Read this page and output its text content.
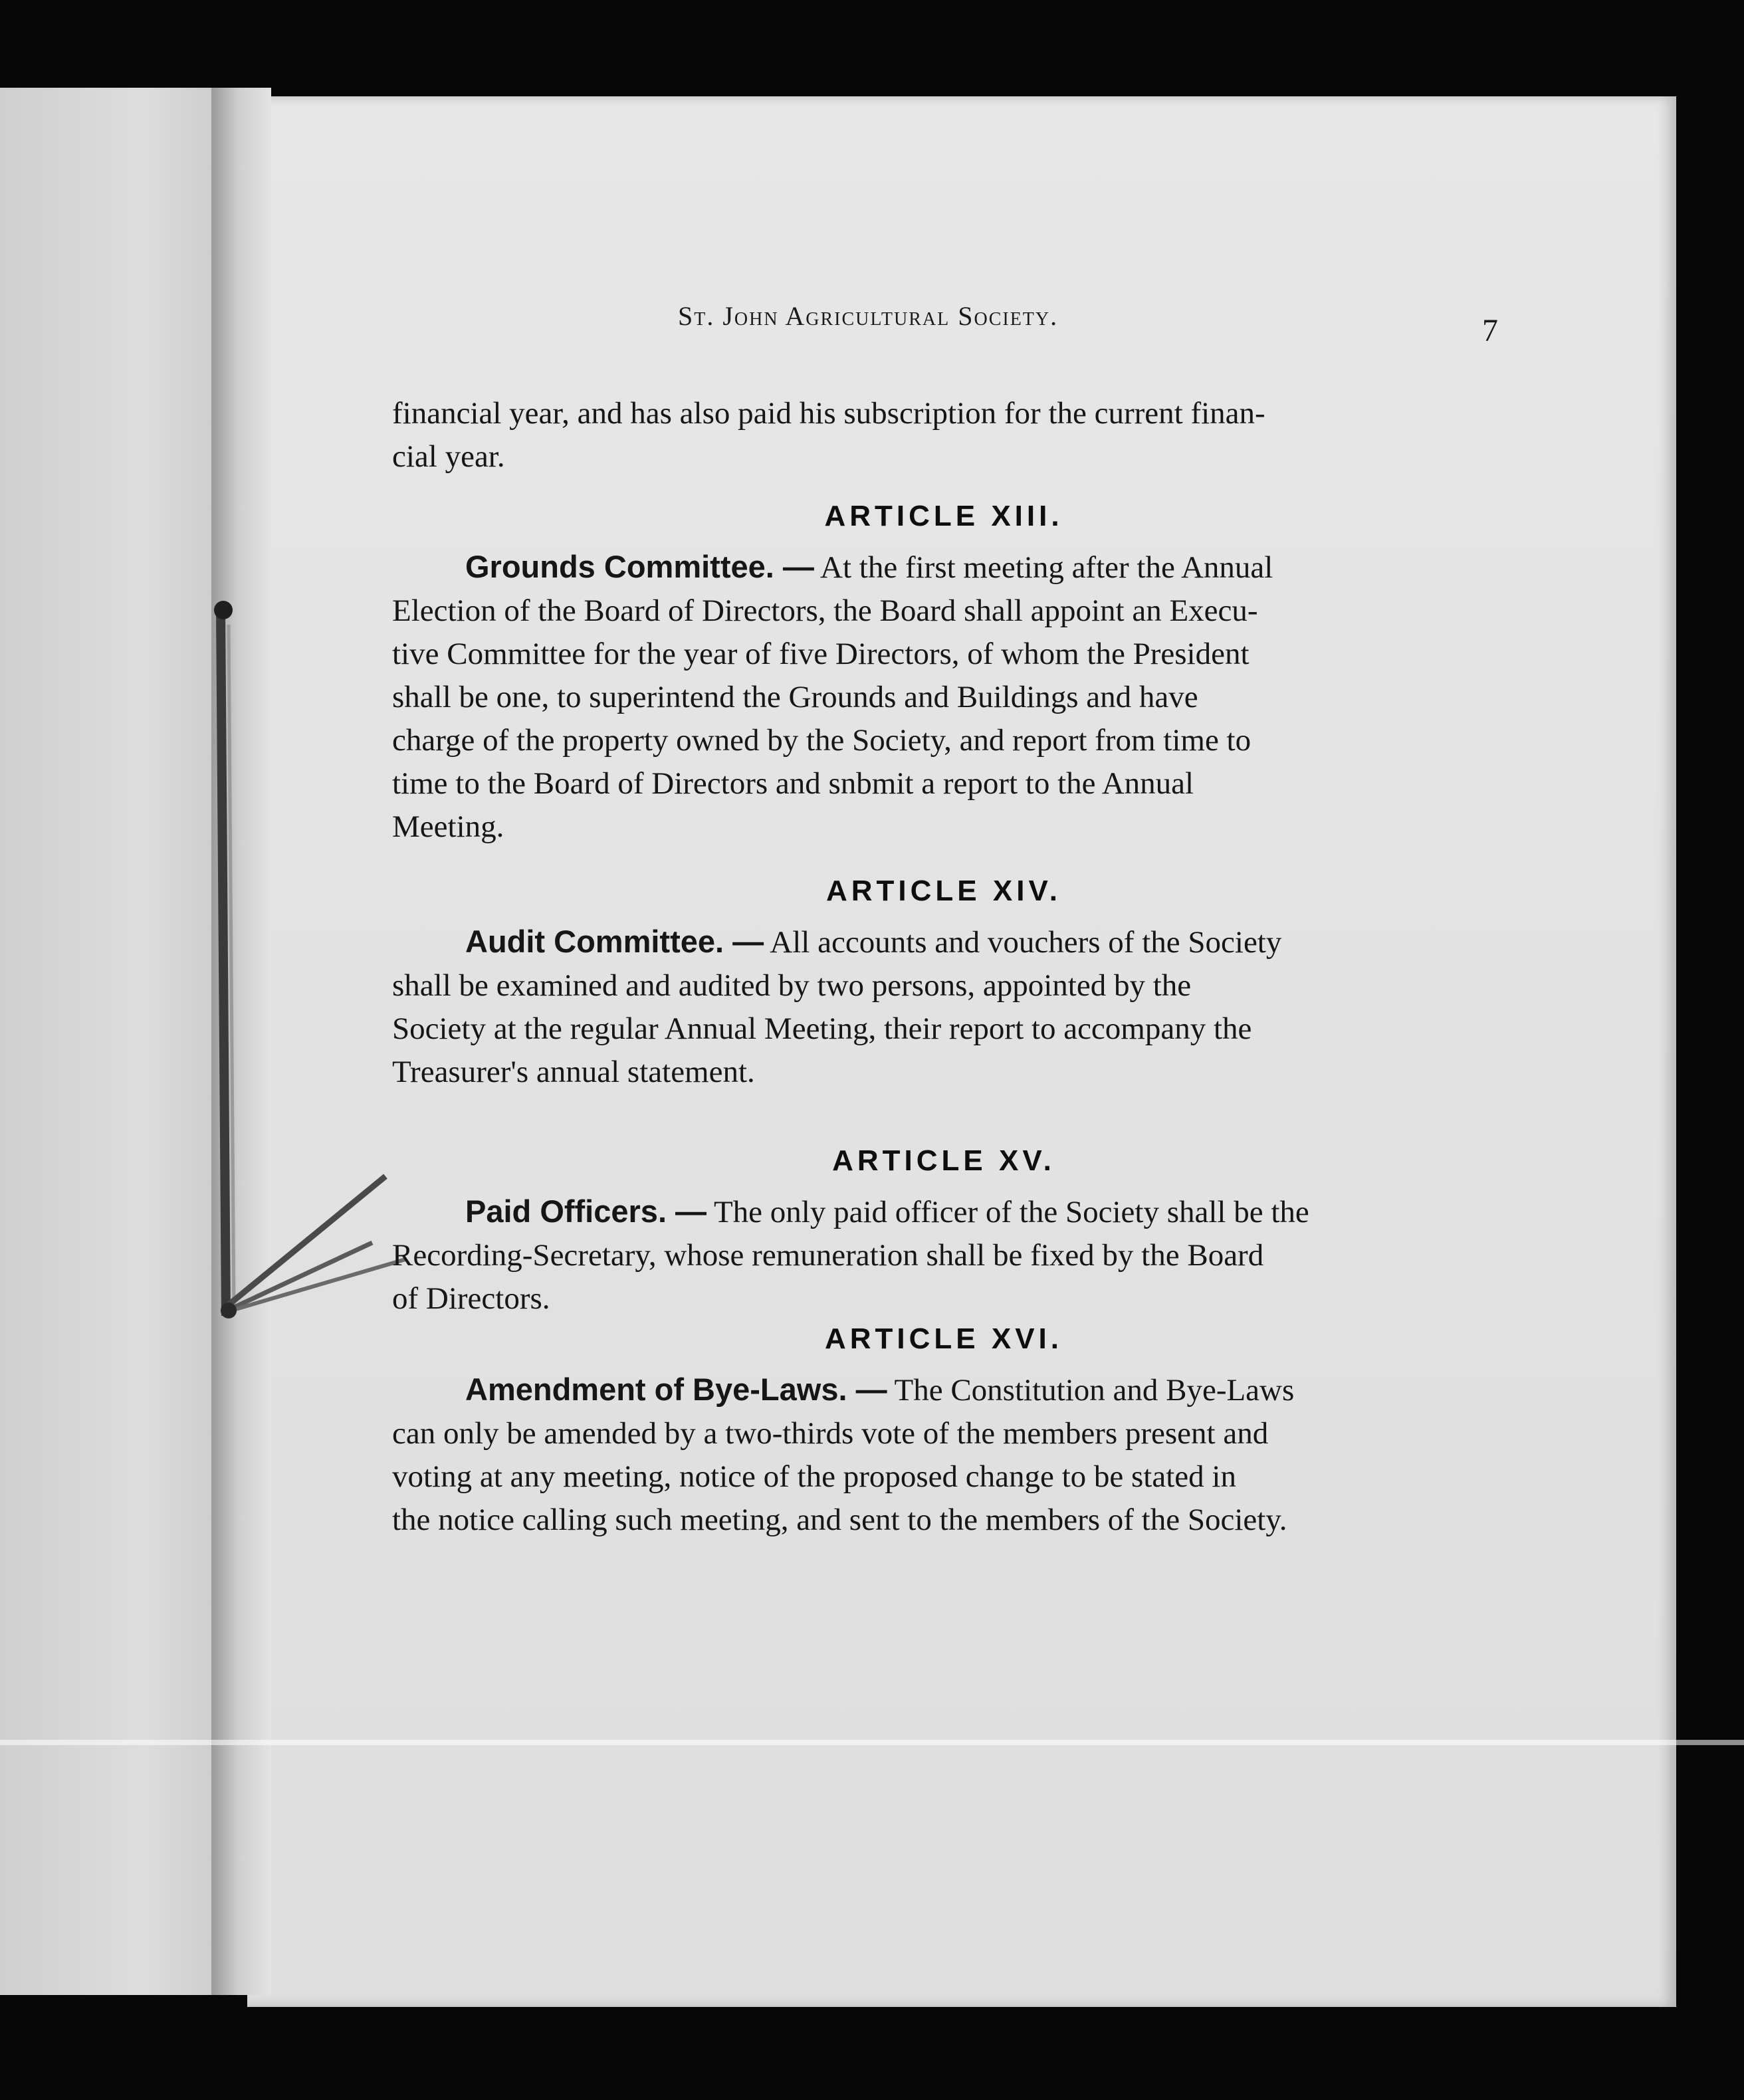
St. John Agricultural Society.	7
financial year, and has also paid his subscription for the current finan-
cial year.
ARTICLE XIII.
Grounds Committee. — At the first meeting after the Annual
Election of the Board of Directors, the Board shall appoint an Execu-
tive Committee for the year of five Directors, of whom the President
shall be one, to superintend the Grounds and Buildings and have
charge of the property owned by the Society, and report from time to
time to the Board of Directors and snbmit a report to the Annual
Meeting.
ARTICLE XIV.
Audit Committee. — All accounts and vouchers of the Society
shall be examined and audited by two persons, appointed by the
Society at the regular Annual Meeting, their report to accompany the
Treasurer's annual statement.
ARTICLE XV.
Paid Officers. — The only paid officer of the Society shall be the
Recording-Secretary, whose remuneration shall be fixed by the Board
of Directors.
ARTICLE XVI.
Amendment of Bye-Laws. — The Constitution and Bye-Laws
can only be amended by a two-thirds vote of the members present and
voting at any meeting, notice of the proposed change to be stated in
the notice calling such meeting, and sent to the members of the Society.
